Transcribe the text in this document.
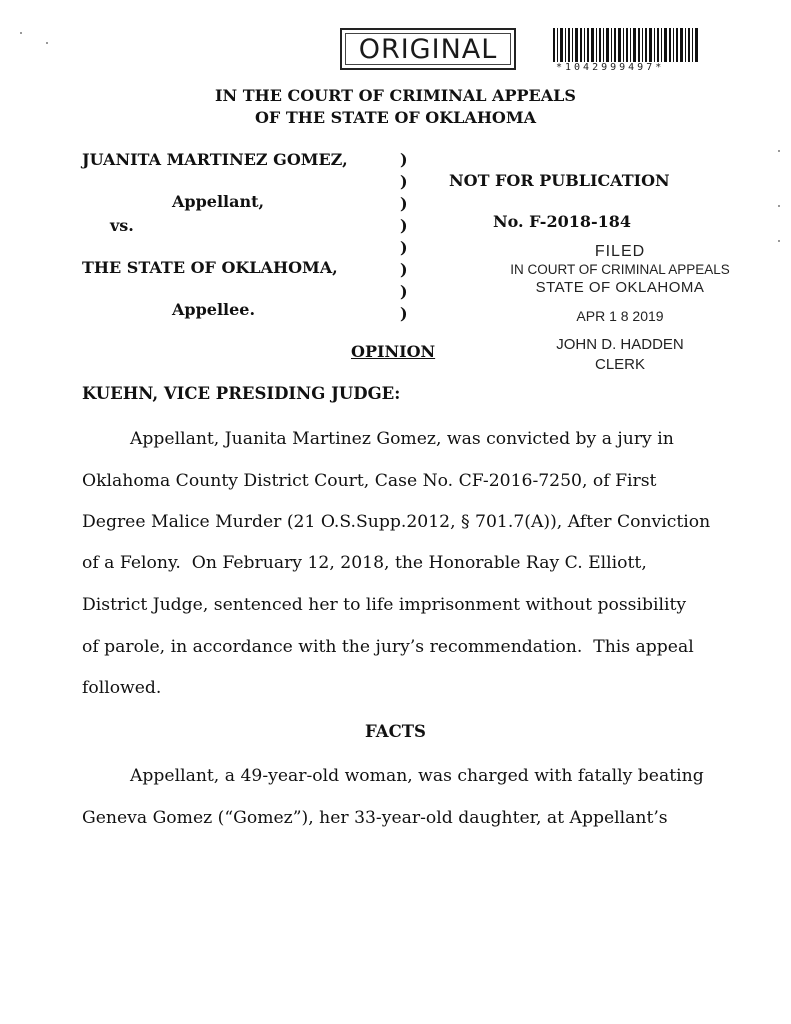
ORIGINAL
*1042999497*
IN THE COURT OF CRIMINAL APPEALS
OF THE STATE OF OKLAHOMA
JUANITA MARTINEZ GOMEZ,
Appellant,
vs.
THE STATE OF OKLAHOMA,
Appellee.
)
)
)
)
)
)
)
)
NOT FOR PUBLICATION
No. F-2018-184
FILED
IN COURT OF CRIMINAL APPEALS
STATE OF OKLAHOMA
APR 1 8 2019
JOHN D. HADDEN
CLERK
OPINION
KUEHN, VICE PRESIDING JUDGE:
Appellant, Juanita Martinez Gomez, was convicted by a jury in
Oklahoma County District Court, Case No. CF-2016-7250, of First
Degree Malice Murder (21 O.S.Supp.2012, § 701.7(A)), After Conviction
of a Felony.  On February 12, 2018, the Honorable Ray C. Elliott,
District Judge, sentenced her to life imprisonment without possibility
of parole, in accordance with the jury’s recommendation.  This appeal
followed.
FACTS
Appellant, a 49-year-old woman, was charged with fatally beating
Geneva Gomez (“Gomez”), her 33-year-old daughter, at Appellant’s
